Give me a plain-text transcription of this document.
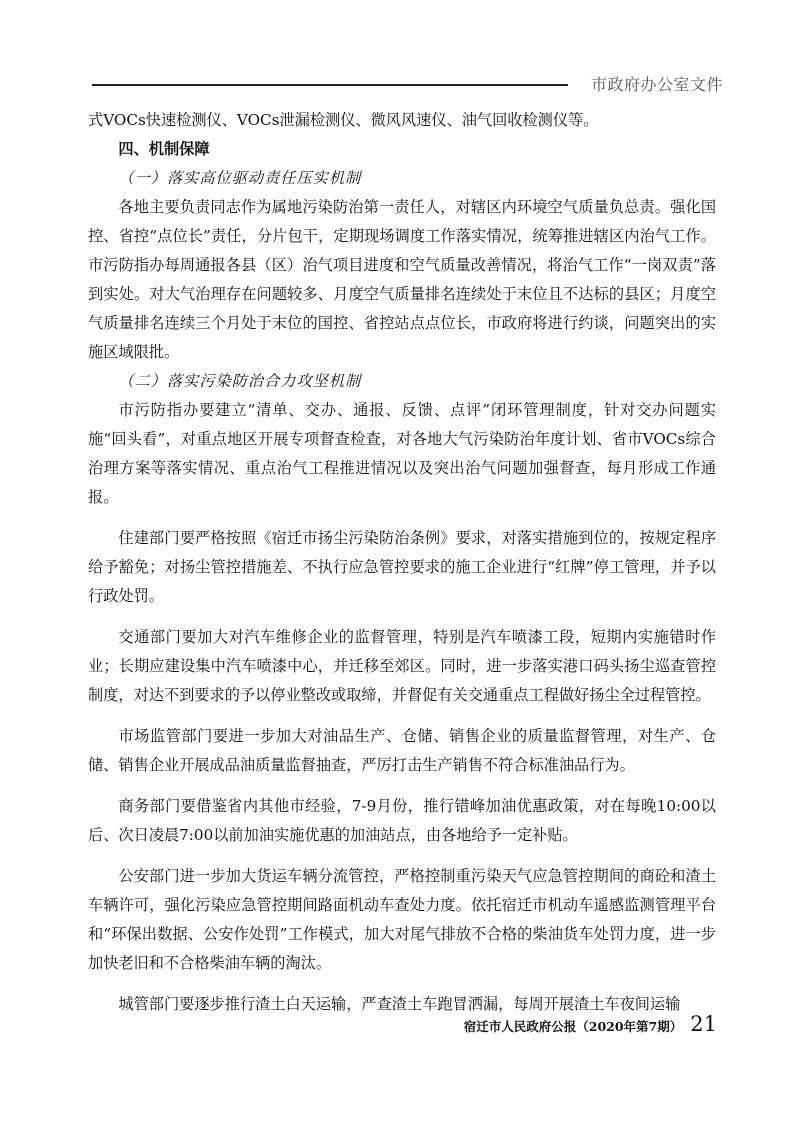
市政府办公室文件

式VOCs快速检测仪、VOCs泄漏检测仪、微风风速仪、油气回收检测仪等。

四、机制保障

（一）落实高位驱动责任压实机制

各地主要负责同志作为属地污染防治第一责任人，对辖区内环境空气质量负总责。强化国控、省控“点位长”责任，分片包干，定期现场调度工作落实情况，统筹推进辖区内治气工作。市污防指办每周通报各县（区）治气项目进度和空气质量改善情况，将治气工作“一岗双责”落到实处。对大气治理存在问题较多、月度空气质量排名连续处于末位且不达标的县区；月度空气质量排名连续三个月处于末位的国控、省控站点点位长，市政府将进行约谈，问题突出的实施区域限批。

（二）落实污染防治合力攻坚机制

市污防指办要建立“清单、交办、通报、反馈、点评”闭环管理制度，针对交办问题实施“回头看”，对重点地区开展专项督查检查，对各地大气污染防治年度计划、省市VOCs综合治理方案等落实情况、重点治气工程推进情况以及突出治气问题加强督查，每月形成工作通报。

住建部门要严格按照《宿迁市扬尘污染防治条例》要求，对落实措施到位的，按规定程序给予豁免；对扬尘管控措施差、不执行应急管控要求的施工企业进行“红牌”停工管理，并予以行政处罚。

交通部门要加大对汽车维修企业的监督管理，特别是汽车喷漆工段，短期内实施错时作业；长期应建设集中汽车喷漆中心，并迁移至郊区。同时，进一步落实港口码头扬尘巡查管控制度，对达不到要求的予以停业整改或取缔，并督促有关交通重点工程做好扬尘全过程管控。

市场监管部门要进一步加大对油品生产、仓储、销售企业的质量监督管理，对生产、仓储、销售企业开展成品油质量监督抽查，严厉打击生产销售不符合标准油品行为。

商务部门要借鉴省内其他市经验，7-9月份，推行错峰加油优惠政策，对在每晚10:00以后、次日凌晨7:00以前加油实施优惠的加油站点，由各地给予一定补贴。

公安部门进一步加大货运车辆分流管控，严格控制重污染天气应急管控期间的商砼和渣土车辆许可，强化污染应急管控期间路面机动车查处力度。依托宿迁市机动车遥感监测管理平台和“环保出数据、公安作处罚”工作模式，加大对尾气排放不合格的柴油货车处罚力度，进一步加快老旧和不合格柴油车辆的淘汰。

城管部门要逐步推行渣土白天运输，严查渣土车跑冒洒漏，每周开展渣土车夜间运输

宿迁市人民政府公报（2020年第7期） 21
